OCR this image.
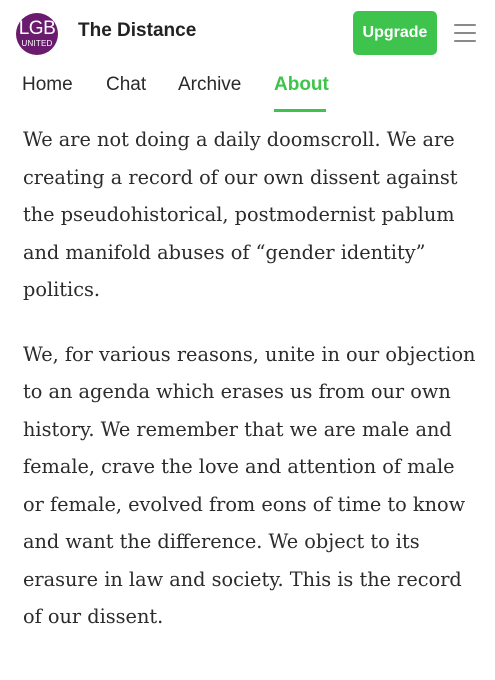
LGB
UNITED
The Distance	Upgrade
Home Chat Archive About

We are not doing a daily doomscroll. We are creating a record of our own dissent against the pseudohistorical, postmodernist pablum and manifold abuses of “gender identity” politics.

We, for various reasons, unite in our objection to an agenda which erases us from our own history. We remember that we are male and female, crave the love and attention of male or female, evolved from eons of time to know and want the difference. We object to its erasure in law and society. This is the record of our dissent.
